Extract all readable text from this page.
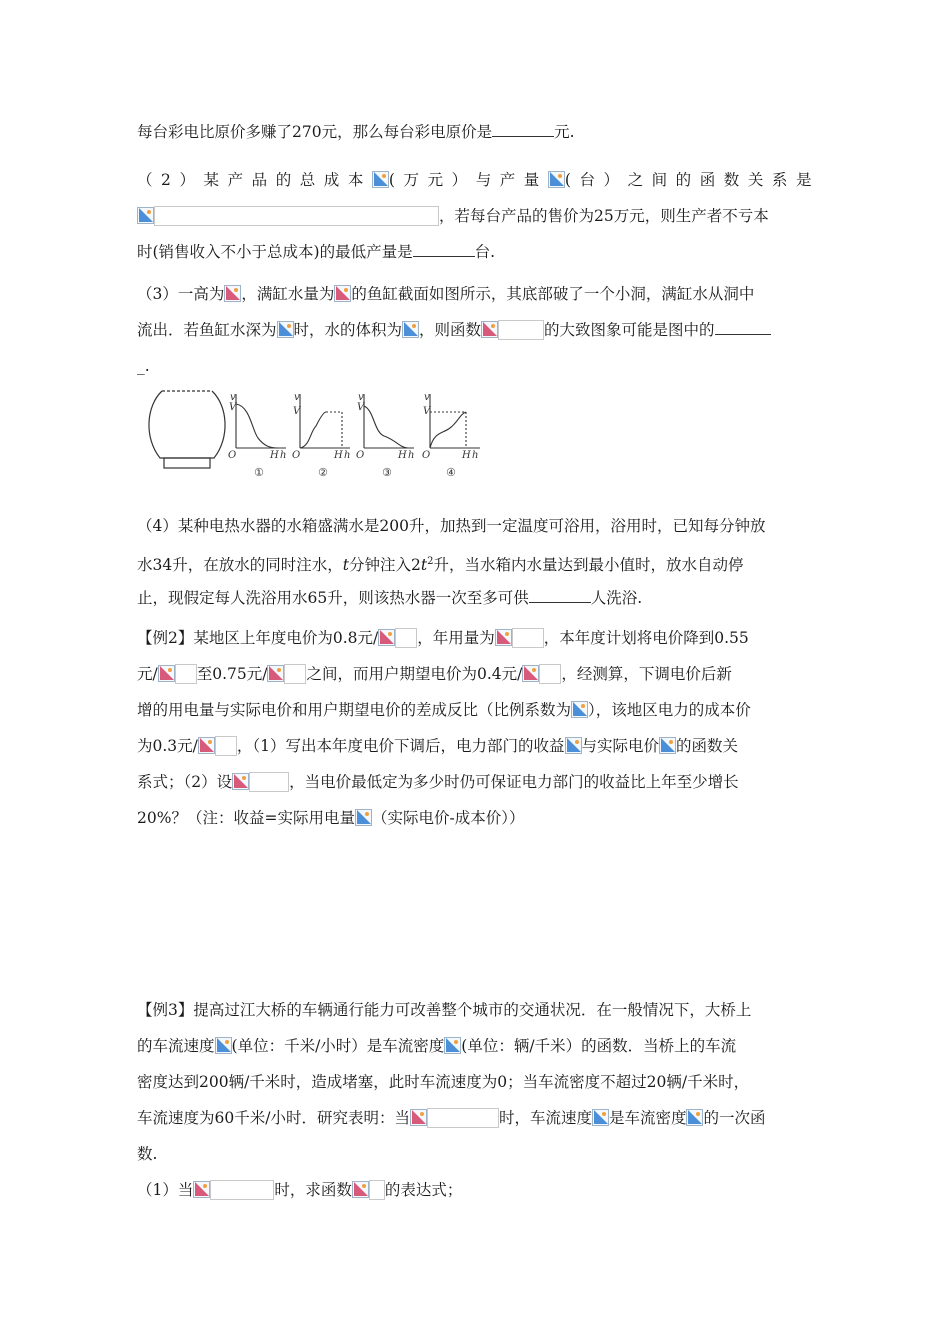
每台彩电比原价多赚了270元，那么每台彩电原价是	元.
（2）某产品的总成本 (万元）与产量 (台）之间的函数关系是
，若每台产品的售价为25万元，则生产者不亏本
时(销售收入不小于总成本)的最低产量是	台.
（3）一高为 ，满缸水量为 的鱼缸截面如图所示，其底部破了一个小洞，满缸水从洞中
流出．若鱼缸水深为 时，水的体积为 ，则函数	的大致图象可能是图中的
_.
v
V
O	H h
v
V
O	H h
v
V
O	H h
v
V
O	H h
①	②	③	④
（4）某种电热水器的水箱盛满水是200升，加热到一定温度可浴用，浴用时，已知每分钟放
水34升，在放水的同时注水，t分钟注入$2t^2$升，当水箱内水量达到最小值时，放水自动停
止，现假定每人洗浴用水65升，则该热水器一次至多可供	人洗浴.
【例2】某地区上年度电价为0.8元/	，年用量为	，本年度计划将电价降到0.55
元/	至0.75元/	之间，而用户期望电价为0.4元/	，经测算，下调电价后新
增的用电量与实际电价和用户期望电价的差成反比（比例系数为 ），该地区电力的成本价
为0.3元/	，（1）写出本年度电价下调后，电力部门的收益 与实际电价 的函数关
系式；（2）设	，当电价最低定为多少时仍可保证电力部门的收益比上年至少增长
20%？（注：收益=实际用电量 （实际电价-成本价））
【例3】提高过江大桥的车辆通行能力可改善整个城市的交通状况．在一般情况下，大桥上
的车流速度 (单位：千米/小时）是车流密度 (单位：辆/千米）的函数．当桥上的车流
密度达到200辆/千米时，造成堵塞，此时车流速度为0；当车流密度不超过20辆/千米时，
车流速度为60千米/小时．研究表明：当	时，车流速度 是车流密度 的一次函
数.
（1）当	时，求函数 的表达式；
